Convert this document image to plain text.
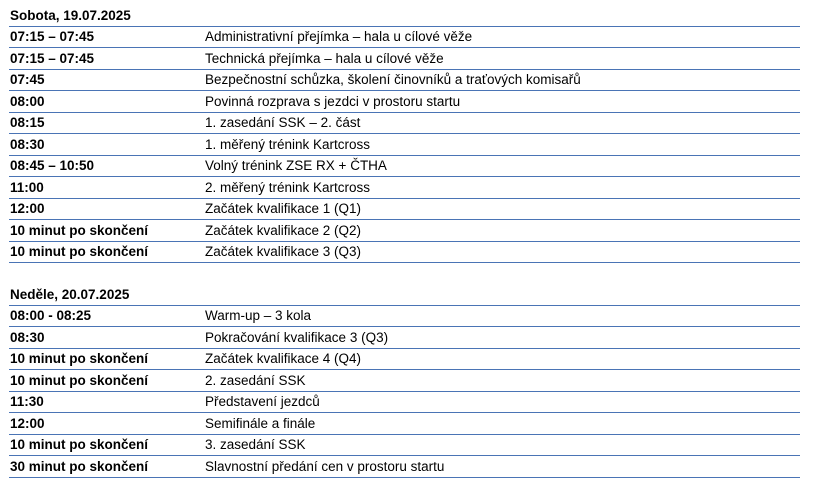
Sobota, 19.07.2025
07:15 – 07:45	Administrativní přejímka – hala u cílové věže
07:15 – 07:45	Technická přejímka – hala u cílové věže
07:45	Bezpečnostní schůzka, školení činovníků a traťových komisařů
08:00	Povinná rozprava s jezdci v prostoru startu
08:15	1. zasedání SSK – 2. část
08:30	1. měřený trénink Kartcross
08:45 – 10:50	Volný trénink ZSE RX + ČTHA
11:00	2. měřený trénink Kartcross
12:00	Začátek kvalifikace 1 (Q1)
10 minut po skončení	Začátek kvalifikace 2 (Q2)
10 minut po skončení	Začátek kvalifikace 3 (Q3)
Neděle, 20.07.2025
08:00 - 08:25	Warm-up – 3 kola
08:30	Pokračování kvalifikace 3 (Q3)
10 minut po skončení	Začátek kvalifikace 4 (Q4)
10 minut po skončení	2. zasedání SSK
11:30	Představení jezdců
12:00	Semifinále a finále
10 minut po skončení	3. zasedání SSK
30 minut po skončení	Slavnostní předání cen v prostoru startu
